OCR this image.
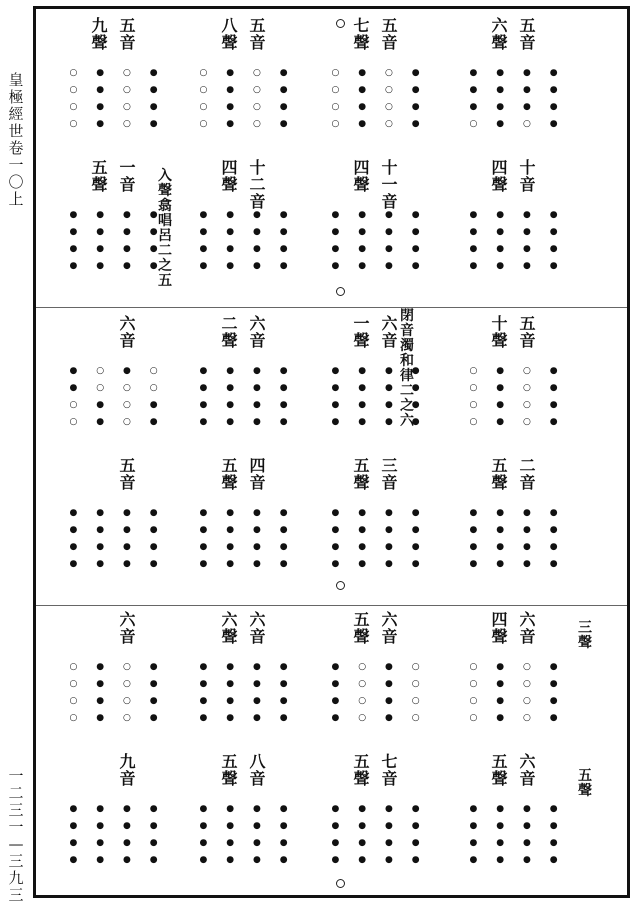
皇極經世 卷一〇上
一二三一—三九三
入聲翕唱呂二之五
閉音濁和律二之六
九聲
五音
○	●	○	●
○	●	○	●
○	●	○	●
○	●	○	●
八聲
五音
○	●	○	●
○	●	○	●
○	●	○	●
○	●	○	●
七聲
五音
○	●	○	●
○	●	○	●
○	●	○	●
○	●	○	●
六聲
五音
●	●	●	●
●	●	●	●
●	●	●	●
○	●	○	●
五聲
一音
●	●	●	●
●	●	●	●
●	●	●	●
●	●	●	●
四聲
十二音
●	●	●	●
●	●	●	●
●	●	●	●
●	●	●	●
四聲
十一音
●	●	●	●
●	●	●	●
●	●	●	●
●	●	●	●
四聲
十音
●	●	●	●
●	●	●	●
●	●	●	●
●	●	●	●
六音
●	○	●	○
●	○	○	○
○	●	○	●
○	●	○	●
二聲
六音
●	●	●	●
●	●	●	●
●	●	●	●
●	●	●	●
一聲
六音
●	●	●	●
●	●	●	●
●	●	●	●
●	●	●	●
十聲
五音
○	●	○	●
○	●	○	●
○	●	○	●
○	●	○	●
五音
●	●	●	●
●	●	●	●
●	●	●	●
●	●	●	●
五聲
四音
●	●	●	●
●	●	●	●
●	●	●	●
●	●	●	●
五聲
三音
●	●	●	●
●	●	●	●
●	●	●	●
●	●	●	●
五聲
二音
●	●	●	●
●	●	●	●
●	●	●	●
●	●	●	●
六音
○	●	○	●
○	●	○	●
○	●	○	●
○	●	○	●
六聲
六音
●	●	●	●
●	●	●	●
●	●	●	●
●	●	●	●
五聲
六音
●	○	●	○
●	○	●	○
●	○	●	○
●	○	●	○
四聲
六音
○	●	○	●
○	●	○	●
○	●	○	●
○	●	○	●
九音
●	●	●	●
●	●	●	●
●	●	●	●
●	●	●	●
五聲
八音
●	●	●	●
●	●	●	●
●	●	●	●
●	●	●	●
五聲
七音
●	●	●	●
●	●	●	●
●	●	●	●
●	●	●	●
五聲
六音
●	●	●	●
●	●	●	●
●	●	●	●
●	●	●	●
三聲
五聲
